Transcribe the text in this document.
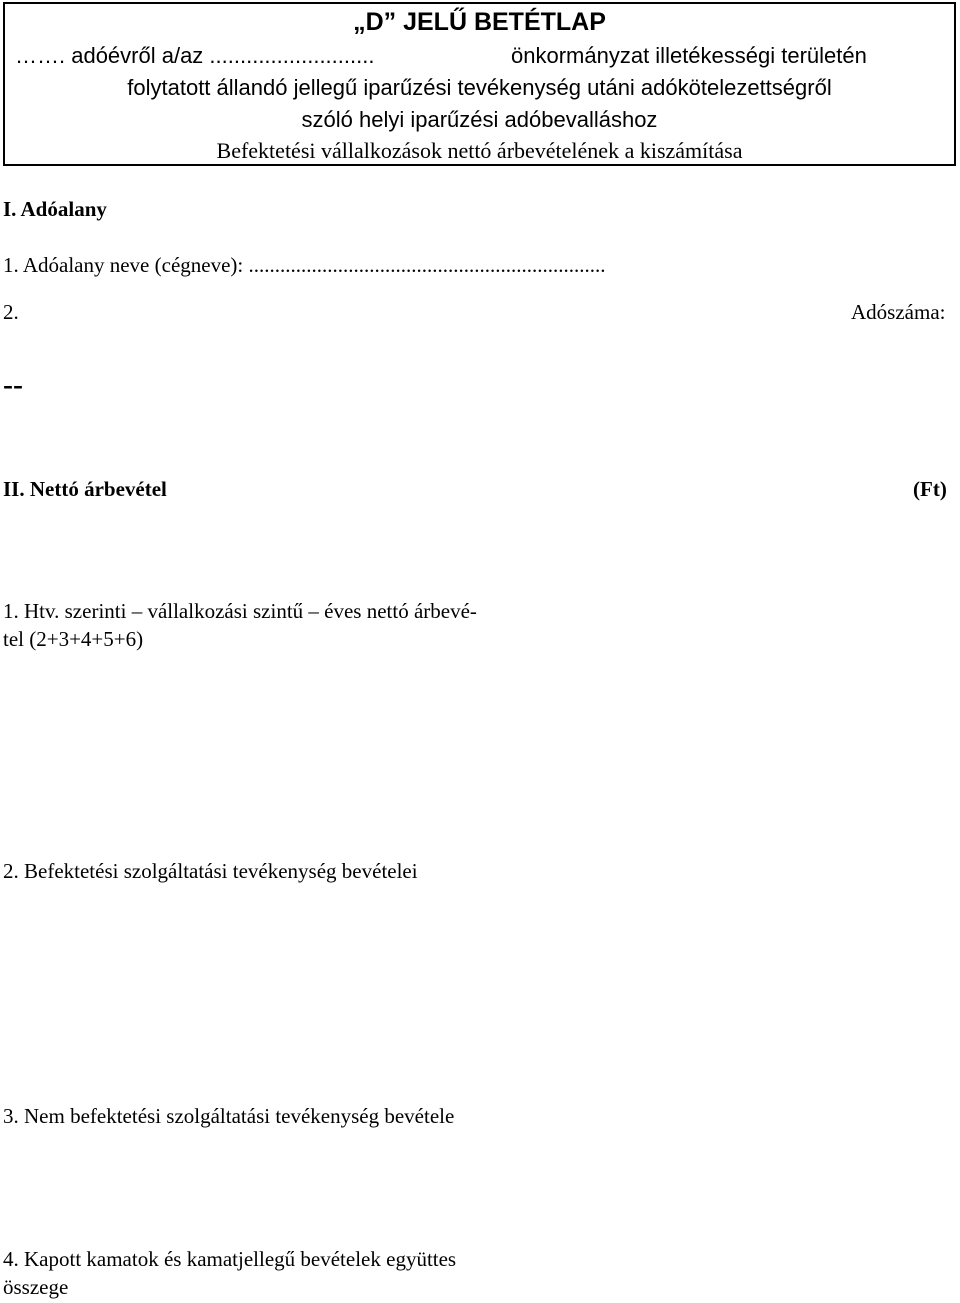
„D” JELŰ BETÉTLAP
……. adóévről a/az ...........................	önkormányzat illetékességi területén
folytatott állandó jellegű iparűzési tevékenység utáni adókötelezettségről
szóló helyi iparűzési adóbevalláshoz
Befektetési vállalkozások nettó árbevételének a kiszámítása
I. Adóalany
1. Adóalany neve (cégneve): ....................................................................
2.	Adószáma:
--
II. Nettó árbevétel	(Ft)
1. Htv. szerinti – vállalkozási szintű – éves nettó árbevé-
tel (2+3+4+5+6)
2. Befektetési szolgáltatási tevékenység bevételei
3. Nem befektetési szolgáltatási tevékenység bevétele
4. Kapott kamatok és kamatjellegű bevételek együttes
összege
